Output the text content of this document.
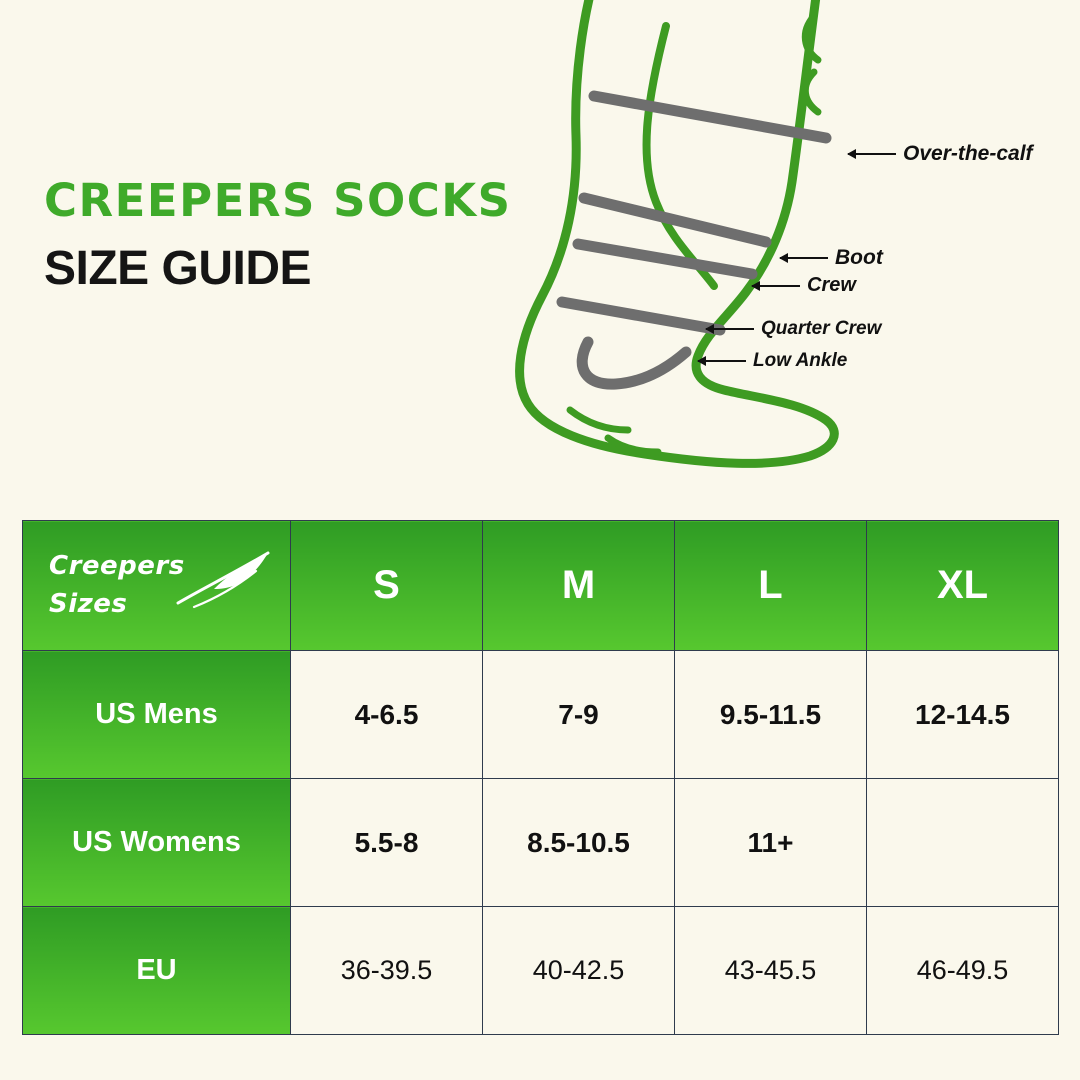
CREEPERS SOCKS
SIZE GUIDE
Over-the-calf
Boot
Crew
Quarter Crew
Low Ankle
Creepers
Sizes	S	M	L	XL
US Mens	4-6.5	7-9	9.5-11.5	12-14.5
US Womens	5.5-8	8.5-10.5	11+	
EU	36-39.5	40-42.5	43-45.5	46-49.5
